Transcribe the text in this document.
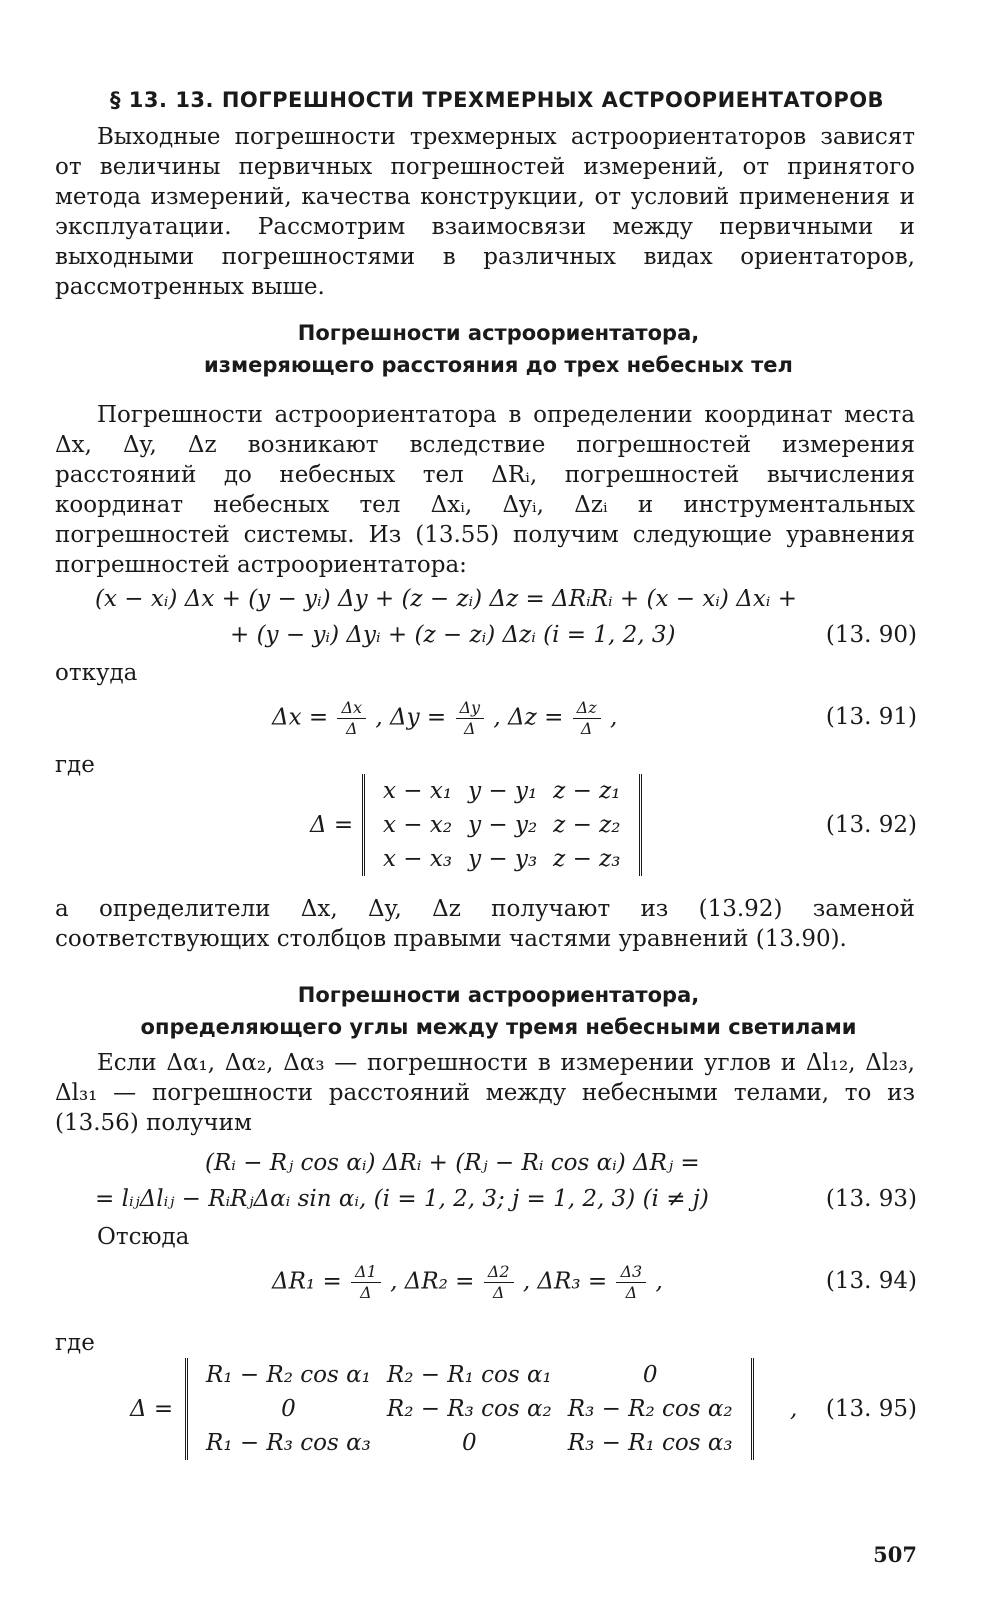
§ 13. 13. ПОГРЕШНОСТИ ТРЕХМЕРНЫХ АСТРООРИЕНТАТОРОВ

Выходные погрешности трехмерных астроориентаторов зависят от величины первичных погрешностей измерений, от принятого метода измерений, качества конструкции, от условий применения и эксплуатации. Рассмотрим взаимосвязи между первичными и выходными погрешностями в различных видах ориентаторов, рассмотренных выше.

Погрешности астроориентатора,
измеряющего расстояния до трех небесных тел

Погрешности астроориентатора в определении координат места Δx, Δy, Δz возникают вследствие погрешностей измерения расстояний до небесных тел ΔRᵢ, погрешностей вычисления координат небесных тел Δxᵢ, Δyᵢ, Δzᵢ и инструментальных погрешностей системы. Из (13.55) получим следующие уравнения погрешностей астроориентатора:

(x − xᵢ) Δx + (y − yᵢ) Δy + (z − zᵢ) Δz = ΔRᵢRᵢ + (x − xᵢ) Δxᵢ +
+ (y − yᵢ) Δyᵢ + (z − zᵢ) Δzᵢ (i = 1, 2, 3)	(13. 90)
откуда
$\Delta x = \frac{\Delta x}{\Delta}$ , $\Delta y = \frac{\Delta y}{\Delta}$ , $\Delta z = \frac{\Delta z}{\Delta}$ ,	(13. 91)
где
Δ =
x − x₁	y − y₁	z − z₁
x − x₂	y − y₂	z − z₂
x − x₃	y − y₃	z − z₃
(13. 92)

а определители Δx, Δy, Δz получают из (13.92) заменой соответствующих столбцов правыми частями уравнений (13.90).

Погрешности астроориентатора,
определяющего углы между тремя небесными светилами

Если Δα₁, Δα₂, Δα₃ — погрешности в измерении углов и Δl₁₂, Δl₂₃, Δl₃₁ — погрешности расстояний между небесными телами, то из (13.56) получим

(Rᵢ − Rⱼ cos αᵢ) ΔRᵢ + (Rⱼ − Rᵢ cos αᵢ) ΔRⱼ =
= lᵢⱼΔlᵢⱼ − RᵢRⱼΔαᵢ sin αᵢ, (i = 1, 2, 3; j = 1, 2, 3) (i ≠ j)	(13. 93)
Отсюда
$\Delta R_1 = \frac{\Delta 1}{\Delta}$ , $\Delta R_2 = \frac{\Delta 2}{\Delta}$ , $\Delta R_3 = \frac{\Delta 3}{\Delta}$ ,	(13. 94)
где
Δ =
R₁ − R₂ cos α₁	R₂ − R₁ cos α₁	0
0	R₂ − R₃ cos α₂	R₃ − R₂ cos α₂
R₁ − R₃ cos α₃	0	R₃ − R₁ cos α₃
, (13. 95)
507
